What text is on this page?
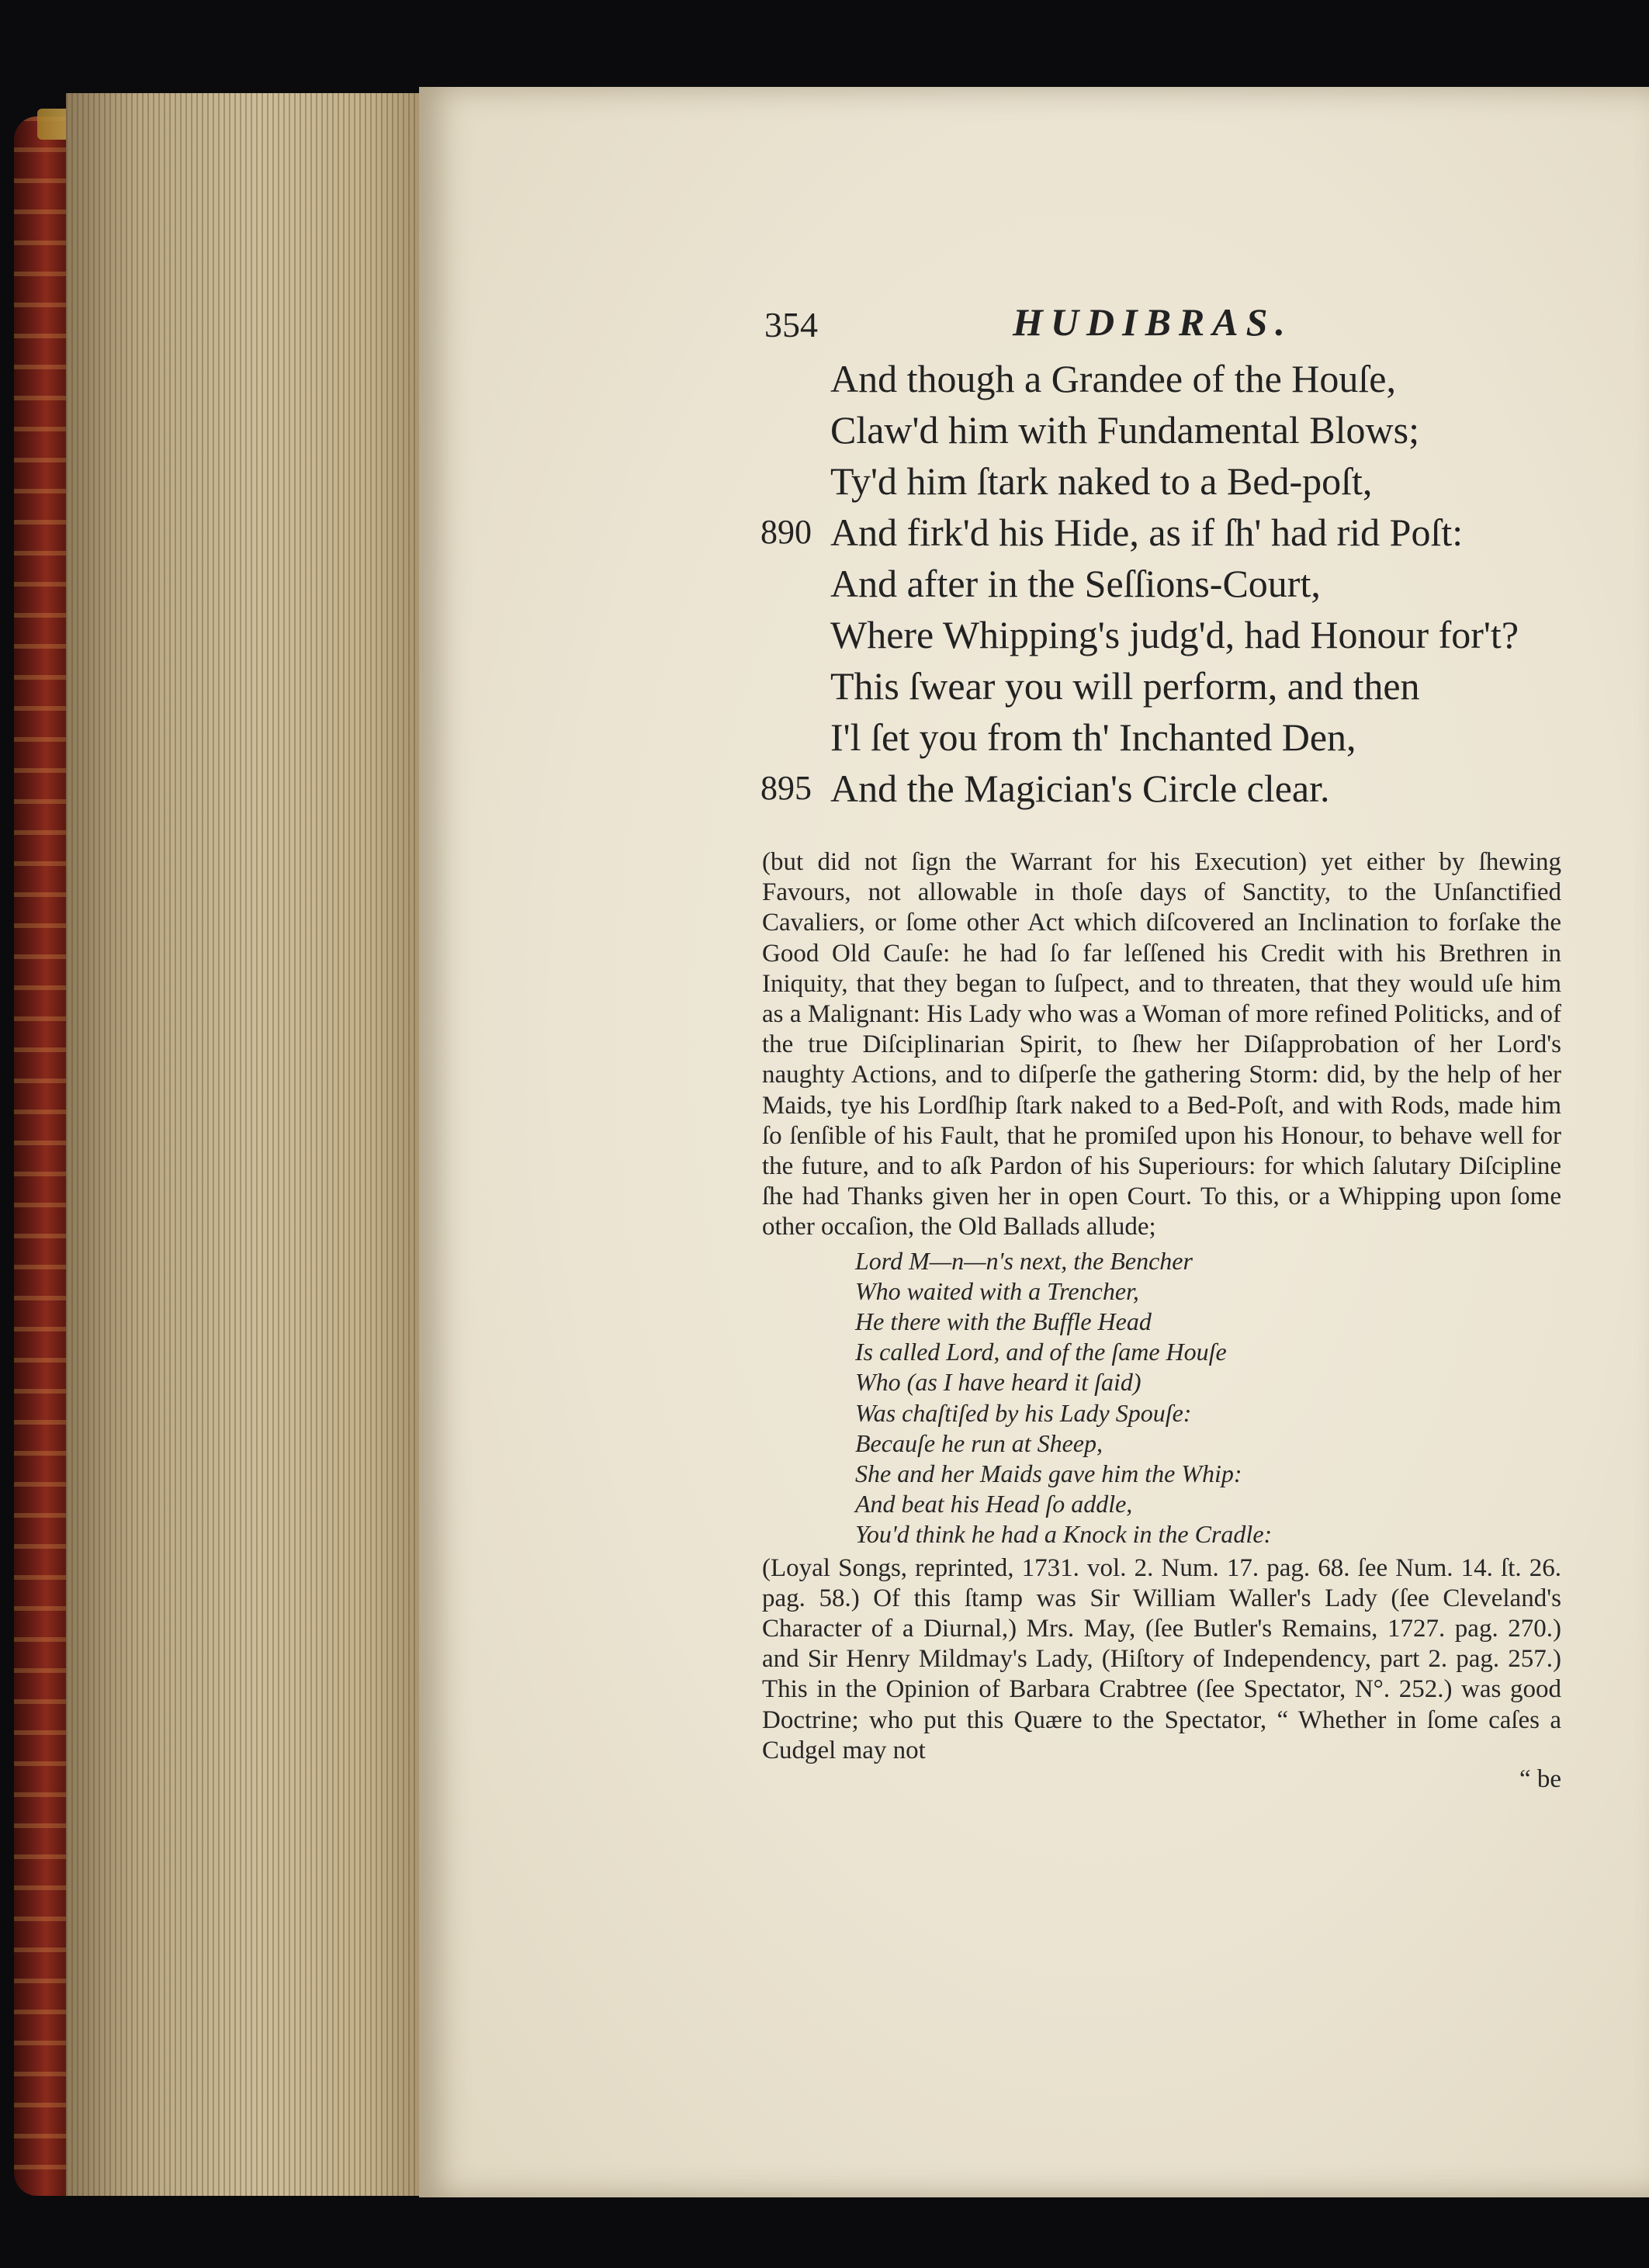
354	HUDIBRAS.
And though a Grandee of the Houſe,
Claw'd him with Fundamental Blows;
Ty'd him ſtark naked to a Bed-poſt,
890 And firk'd his Hide, as if ſh' had rid Poſt:
And after in the Seſſions-Court,
Where Whipping's judg'd, had Honour for't?
This ſwear you will perform, and then
I'l ſet you from th' Inchanted Den,
895 And the Magician's Circle clear.

(but did not ſign the Warrant for his Execution) yet either by ſhewing Favours, not allowable in thoſe days of Sanctity, to the Unſanctified Cavaliers, or ſome other Act which diſcovered an Inclination to forſake the Good Old Cauſe: he had ſo far leſſened his Credit with his Brethren in Iniquity, that they began to ſuſpect, and to threaten, that they would uſe him as a Malignant: His Lady who was a Woman of more refined Politicks, and of the true Diſciplinarian Spirit, to ſhew her Diſapprobation of her Lord's naughty Actions, and to diſperſe the gathering Storm: did, by the help of her Maids, tye his Lordſhip ſtark naked to a Bed-Poſt, and with Rods, made him ſo ſenſible of his Fault, that he promiſed upon his Honour, to behave well for the future, and to aſk Pardon of his Superiours: for which ſalutary Diſcipline ſhe had Thanks given her in open Court. To this, or a Whipping upon ſome other occaſion, the Old Ballads allude;

Lord M—n—n's next, the Bencher
Who waited with a Trencher,
He there with the Buffle Head
Is called Lord, and of the ſame Houſe
Who (as I have heard it ſaid)
Was chaſtiſed by his Lady Spouſe:
Becauſe he run at Sheep,
She and her Maids gave him the Whip:
And beat his Head ſo addle,
You'd think he had a Knock in the Cradle:

(Loyal Songs, reprinted, 1731. vol. 2. Num. 17. pag. 68. ſee Num. 14. ſt. 26. pag. 58.) Of this ſtamp was Sir William Waller's Lady (ſee Cleveland's Character of a Diurnal,) Mrs. May, (ſee Butler's Remains, 1727. pag. 270.) and Sir Henry Mildmay's Lady, (Hiſtory of Independency, part 2. pag. 257.) This in the Opinion of Barbara Crabtree (ſee Spectator, N°. 252.) was good Doctrine; who put this Quære to the Spectator, “ Whether in ſome caſes a Cudgel may not

“ be
